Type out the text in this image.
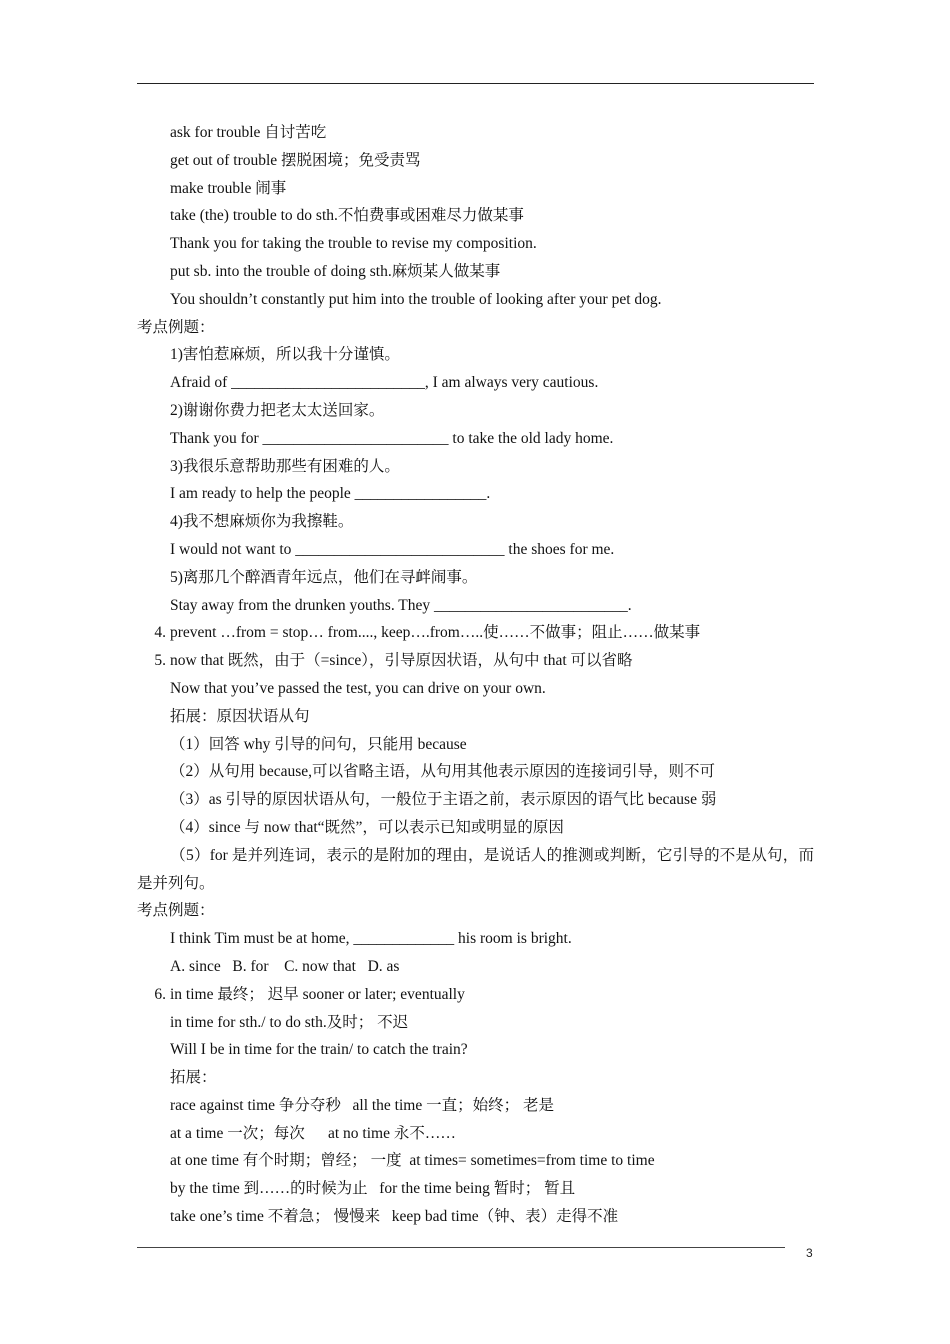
ask for trouble 自讨苦吃
get out of trouble 摆脱困境；免受责骂
make trouble 闹事
take (the) trouble to do sth.不怕费事或困难尽力做某事
Thank you for taking the trouble to revise my composition.
put sb. into the trouble of doing sth.麻烦某人做某事
You shouldn’t constantly put him into the trouble of looking after your pet dog.
考点例题：
1)害怕惹麻烦，所以我十分谨慎。
Afraid of _________________________, I am always very cautious.
2)谢谢你费力把老太太送回家。
Thank you for ________________________ to take the old lady home.
3)我很乐意帮助那些有困难的人。
I am ready to help the people _________________.
4)我不想麻烦你为我擦鞋。
I would not want to ___________________________ the shoes for me.
5)离那几个醉酒青年远点，他们在寻衅闹事。
Stay away from the drunken youths. They _________________________.
4. prevent …from = stop… from...., keep….from…..使……不做事；阻止……做某事
5. now that 既然，由于（=since），引导原因状语，从句中 that 可以省略
Now that you’ve passed the test, you can drive on your own.
拓展：原因状语从句
（1）回答 why 引导的问句，只能用 because
（2）从句用 because,可以省略主语，从句用其他表示原因的连接词引导，则不可
（3）as 引导的原因状语从句，一般位于主语之前，表示原因的语气比 because 弱
（4）since 与 now that“既然”，可以表示已知或明显的原因
（5）for 是并列连词，表示的是附加的理由，是说话人的推测或判断，它引导的不是从句，而是并列句。
考点例题：
I think Tim must be at home, _____________ his room is bright.
A. since   B. for    C. now that   D. as
6. in time 最终； 迟早 sooner or later; eventually
in time for sth./ to do sth.及时； 不迟
Will I be in time for the train/ to catch the train?
拓展：
race against time 争分夺秒   all the time 一直；始终； 老是
at a time 一次；每次      at no time 永不……
at one time 有个时期；曾经； 一度  at times= sometimes=from time to time
by the time 到……的时候为止   for the time being 暂时； 暂且
take one’s time 不着急； 慢慢来   keep bad time（钟、表）走得不准
3
